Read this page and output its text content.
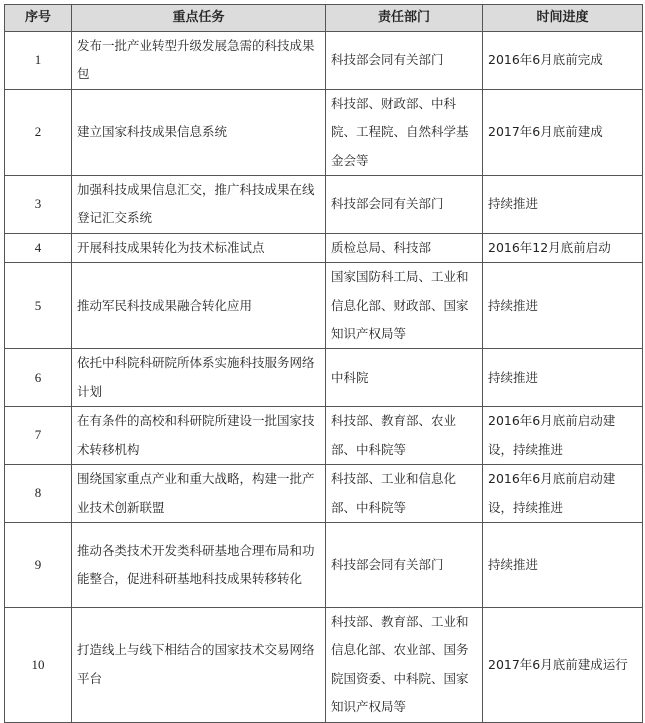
序号	重点任务	责任部门	时间进度
1	发布一批产业转型升级发展急需的科技成果包	科技部会同有关部门	2016年6月底前完成
2	建立国家科技成果信息系统	科技部、财政部、中科院、工程院、自然科学基金会等	2017年6月底前建成
3	加强科技成果信息汇交，推广科技成果在线登记汇交系统	科技部会同有关部门	持续推进
4	开展科技成果转化为技术标准试点	质检总局、科技部	2016年12月底前启动
5	推动军民科技成果融合转化应用	国家国防科工局、工业和信息化部、财政部、国家知识产权局等	持续推进
6	依托中科院科研院所体系实施科技服务网络计划	中科院	持续推进
7	在有条件的高校和科研院所建设一批国家技术转移机构	科技部、教育部、农业部、中科院等	2016年6月底前启动建设，持续推进
8	围绕国家重点产业和重大战略，构建一批产业技术创新联盟	科技部、工业和信息化部、中科院等	2016年6月底前启动建设，持续推进
9	推动各类技术开发类科研基地合理布局和功能整合，促进科研基地科技成果转移转化	科技部会同有关部门	持续推进
10	打造线上与线下相结合的国家技术交易网络平台	科技部、教育部、工业和信息化部、农业部、国务院国资委、中科院、国家知识产权局等	2017年6月底前建成运行
